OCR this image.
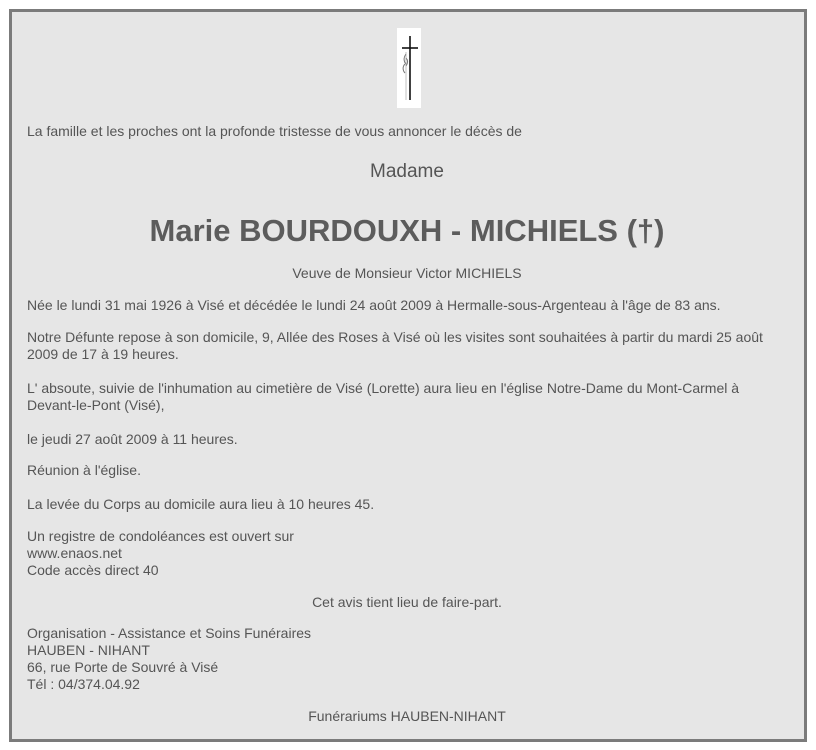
La famille et les proches ont la profonde tristesse de vous annoncer le décès de

Madame

Marie BOURDOUXH - MICHIELS (†)

Veuve de Monsieur Victor MICHIELS

Née le lundi 31 mai 1926 à Visé et décédée le lundi 24 août 2009 à Hermalle-sous-Argenteau à l'âge de 83 ans.

Notre Défunte repose à son domicile, 9, Allée des Roses à Visé où les visites sont souhaitées à partir du mardi 25 août 2009 de 17 à 19 heures.

L' absoute, suivie de l'inhumation au cimetière de Visé (Lorette) aura lieu en l'église Notre-Dame du Mont-Carmel à Devant-le-Pont (Visé),

le jeudi 27 août 2009 à 11 heures.

Réunion à l'église.

La levée du Corps au domicile aura lieu à 10 heures 45.

Un registre de condoléances est ouvert sur
www.enaos.net
Code accès direct 40

Cet avis tient lieu de faire-part.

Organisation - Assistance et Soins Funéraires
HAUBEN - NIHANT
66, rue Porte de Souvré à Visé
Tél : 04/374.04.92

Funérariums HAUBEN-NIHANT
